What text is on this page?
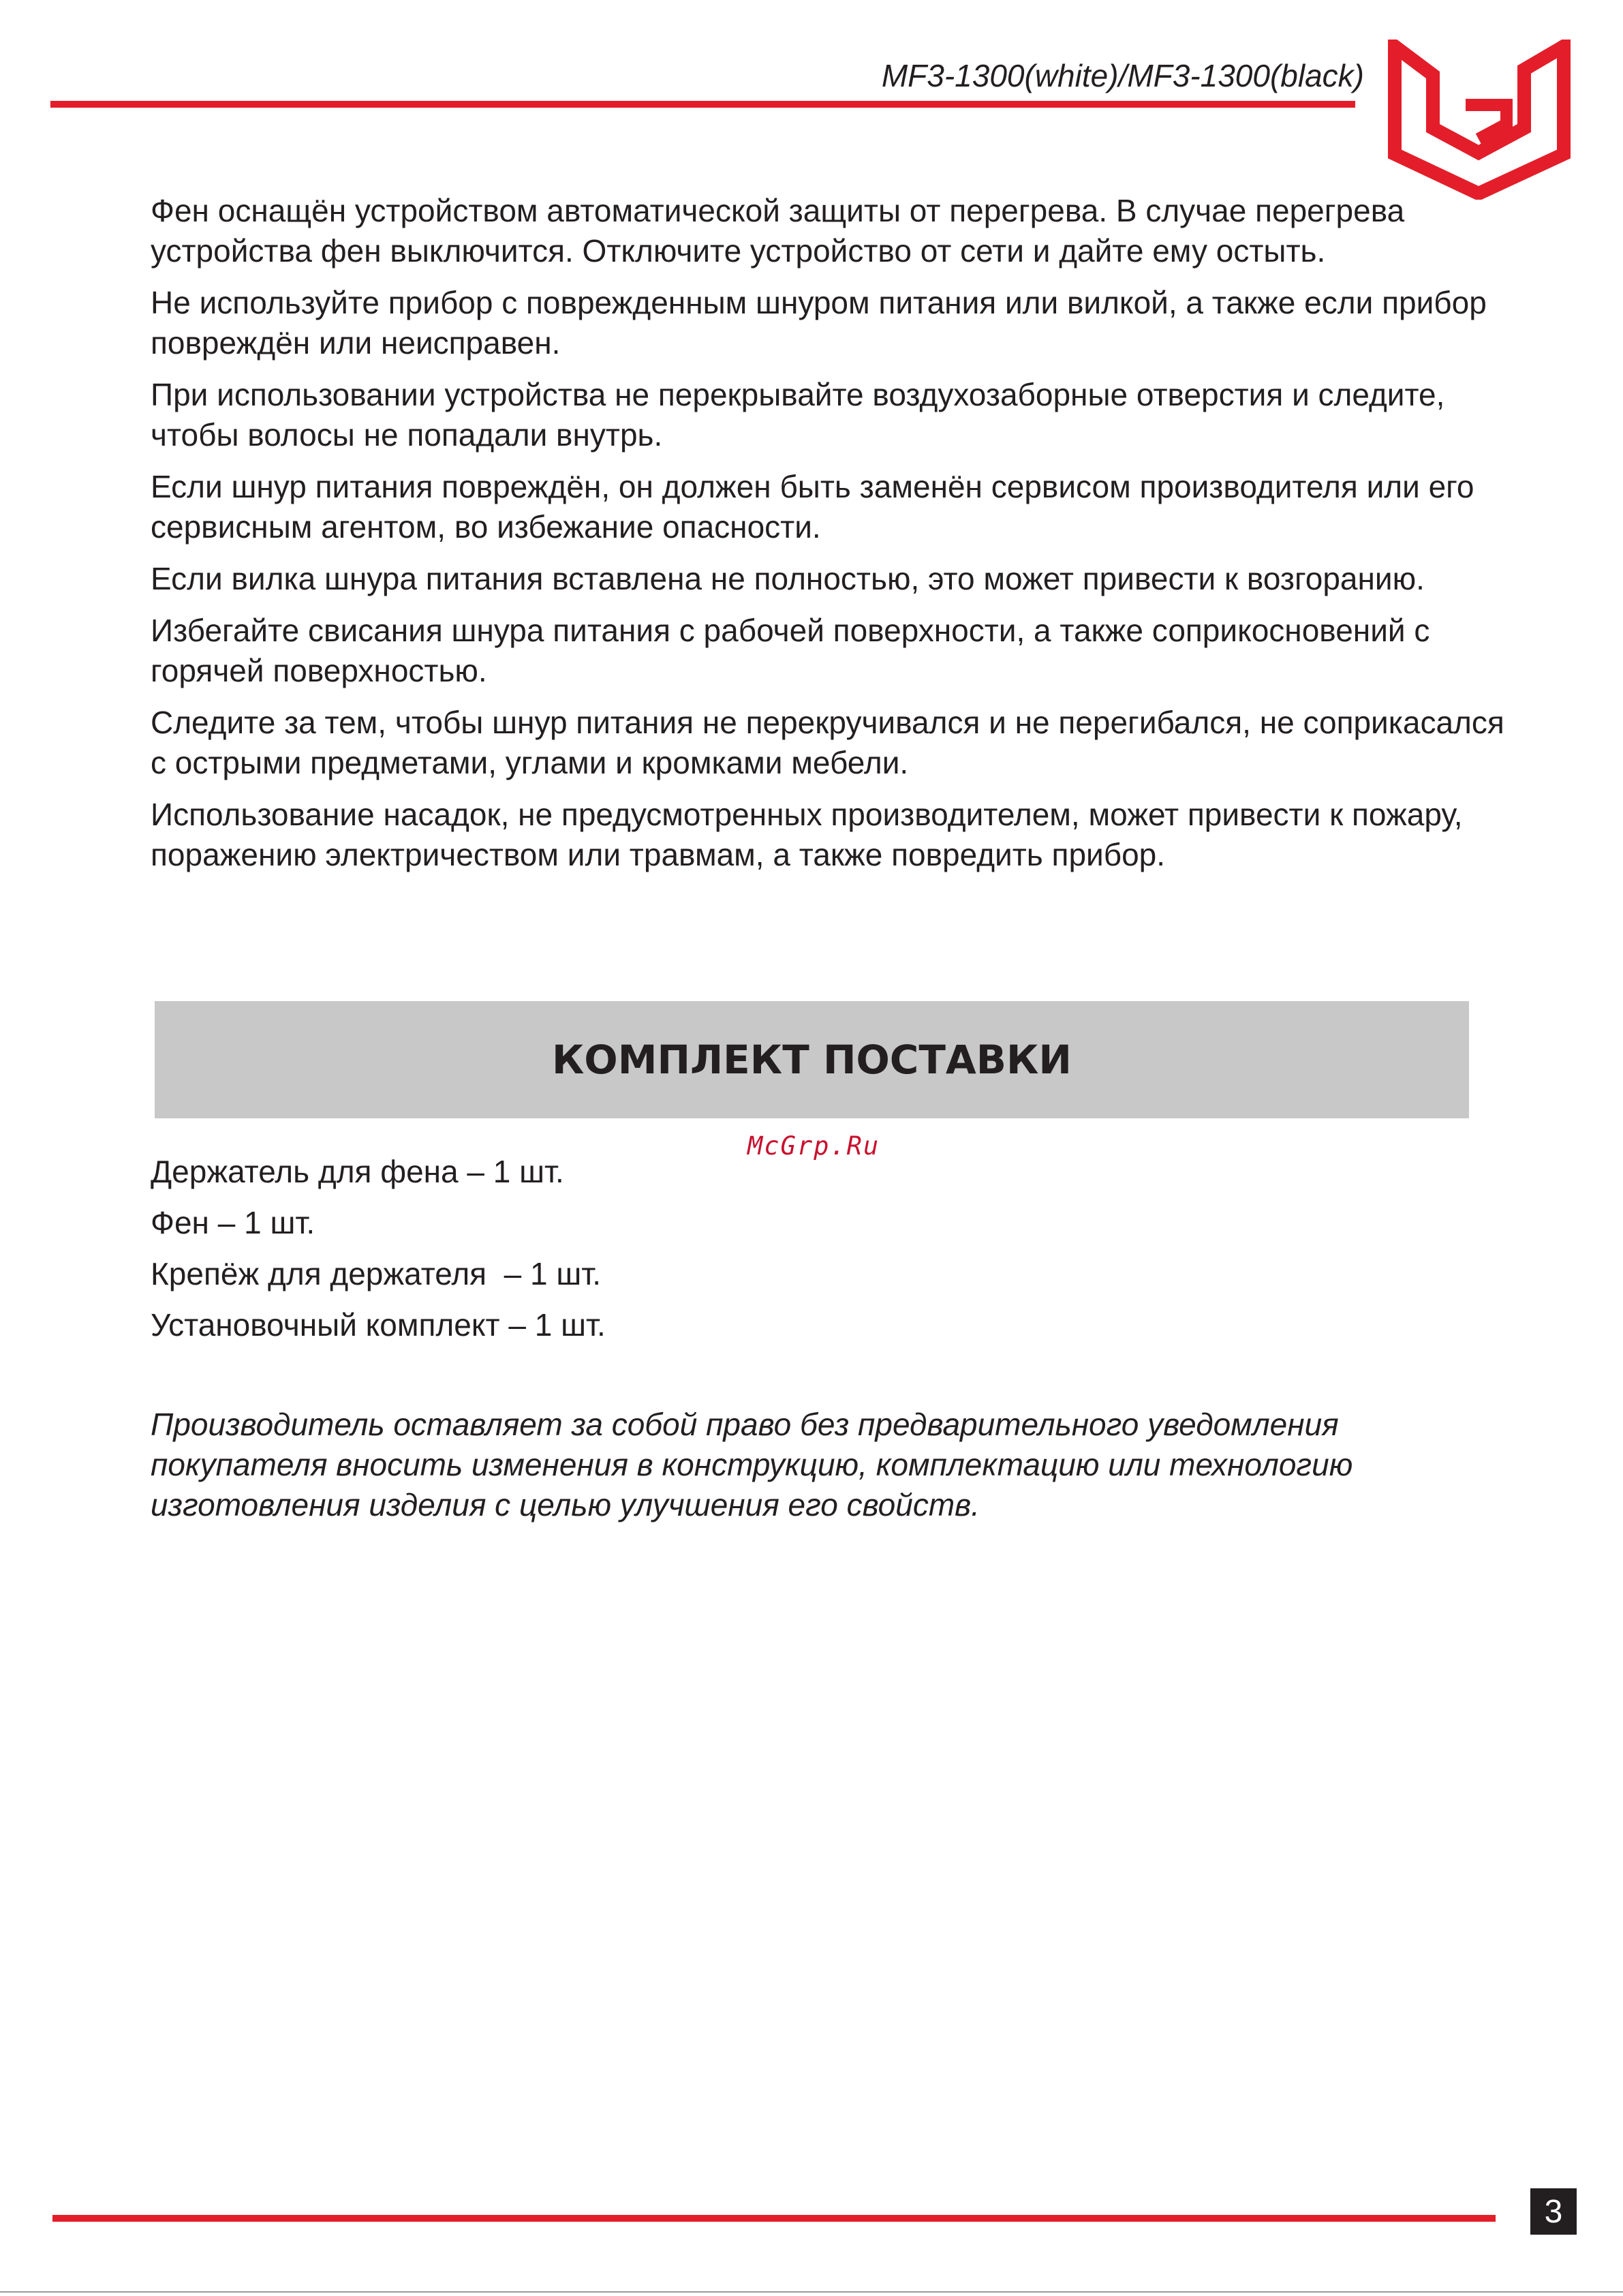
MF3-1300(white)/MF3-1300(black)

Фен оснащён устройством автоматической защиты от перегрева. В случае перегрева устройства фен выключится. Отключите устройство от сети и дайте ему остыть.

Не используйте прибор с поврежденным шнуром питания или вилкой, а также если прибор повреждён или неисправен.

При использовании устройства не перекрывайте воздухозаборные отверстия и следите, чтобы волосы не попадали внутрь.

Если шнур питания повреждён, он должен быть заменён сервисом производителя или его сервисным агентом, во избежание опасности.

Если вилка шнура питания вставлена не полностью, это может привести к возгоранию.

Избегайте свисания шнура питания с рабочей поверхности, а также соприкосновений с горячей поверхностью.

Следите за тем, чтобы шнур питания не перекручивался и не перегибался, не соприкасался с острыми предметами, углами и кромками мебели.

Использование насадок, не предусмотренных производителем, может привести к пожару, поражению электричеством или травмам, а также повредить прибор.

КОМПЛЕКТ ПОСТАВКИ
McGrp.Ru
Держатель для фена – 1 шт.
Фен – 1 шт.
Крепёж для держателя  – 1 шт.
Установочный комплект – 1 шт.
Производитель оставляет за собой право без предварительного уведомления покупателя вносить изменения в конструкцию, комплектацию или технологию изготовления изделия с целью улучшения его свойств.
3
